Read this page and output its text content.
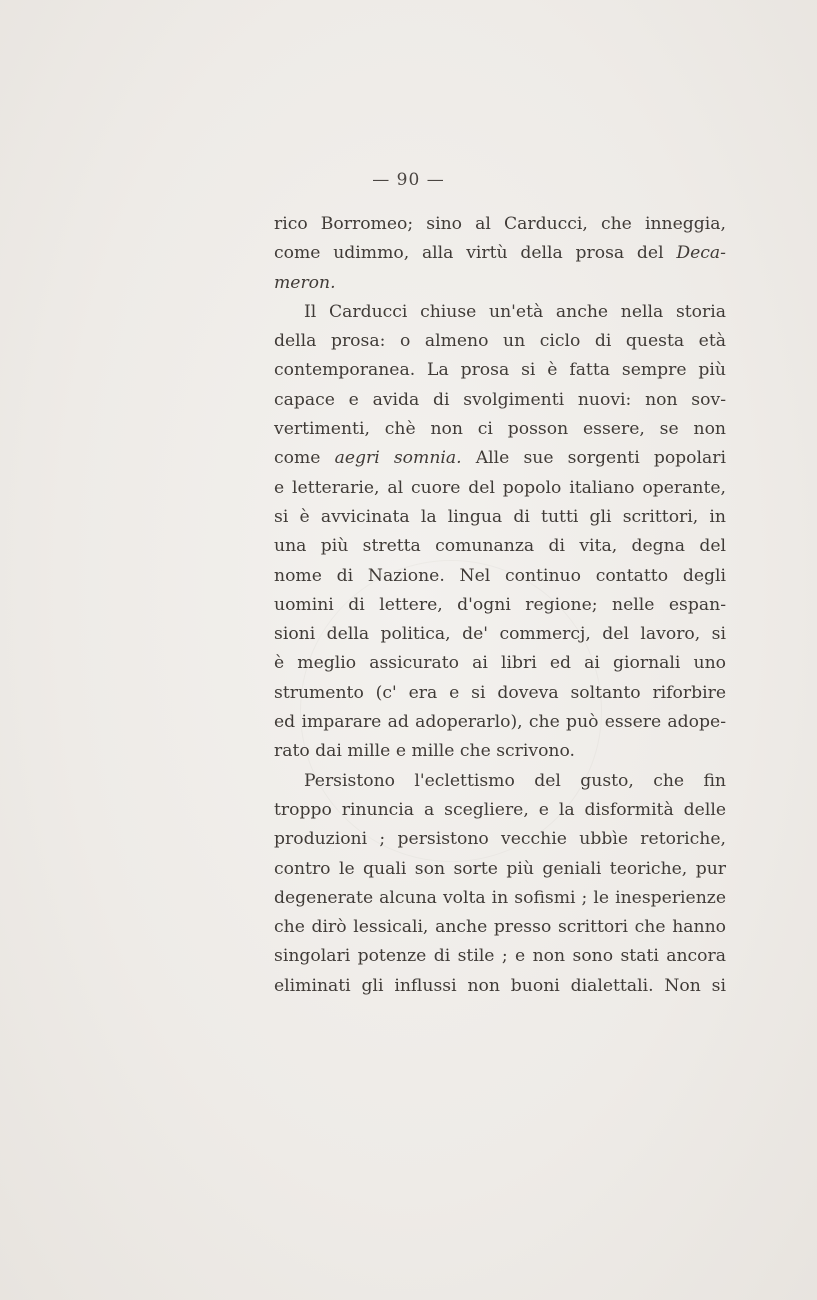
— 90 —
rico Borromeo; sino al Carducci, che inneggia,
come udimmo, alla virtù della prosa del Deca-
meron.
Il Carducci chiuse un'età anche nella storia
della prosa: o almeno un ciclo di questa età
contemporanea. La prosa si è fatta sempre più
capace e avida di svolgimenti nuovi: non sov-
vertimenti, chè non ci posson essere, se non
come aegri somnia. Alle sue sorgenti popolari
e letterarie, al cuore del popolo italiano operante,
si è avvicinata la lingua di tutti gli scrittori, in
una più stretta comunanza di vita, degna del
nome di Nazione. Nel continuo contatto degli
uomini di lettere, d'ogni regione; nelle espan-
sioni della politica, de' commercj, del lavoro, si
è meglio assicurato ai libri ed ai giornali uno
strumento (c' era e si doveva soltanto riforbire
ed imparare ad adoperarlo), che può essere adope-
rato dai mille e mille che scrivono.
Persistono l'eclettismo del gusto, che fin
troppo rinuncia a scegliere, e la disformità delle
produzioni ; persistono vecchie ubbìe retoriche,
contro le quali son sorte più geniali teoriche, pur
degenerate alcuna volta in sofismi ; le inesperienze
che dirò lessicali, anche presso scrittori che hanno
singolari potenze di stile ; e non sono stati ancora
eliminati gli influssi non buoni dialettali. Non si
